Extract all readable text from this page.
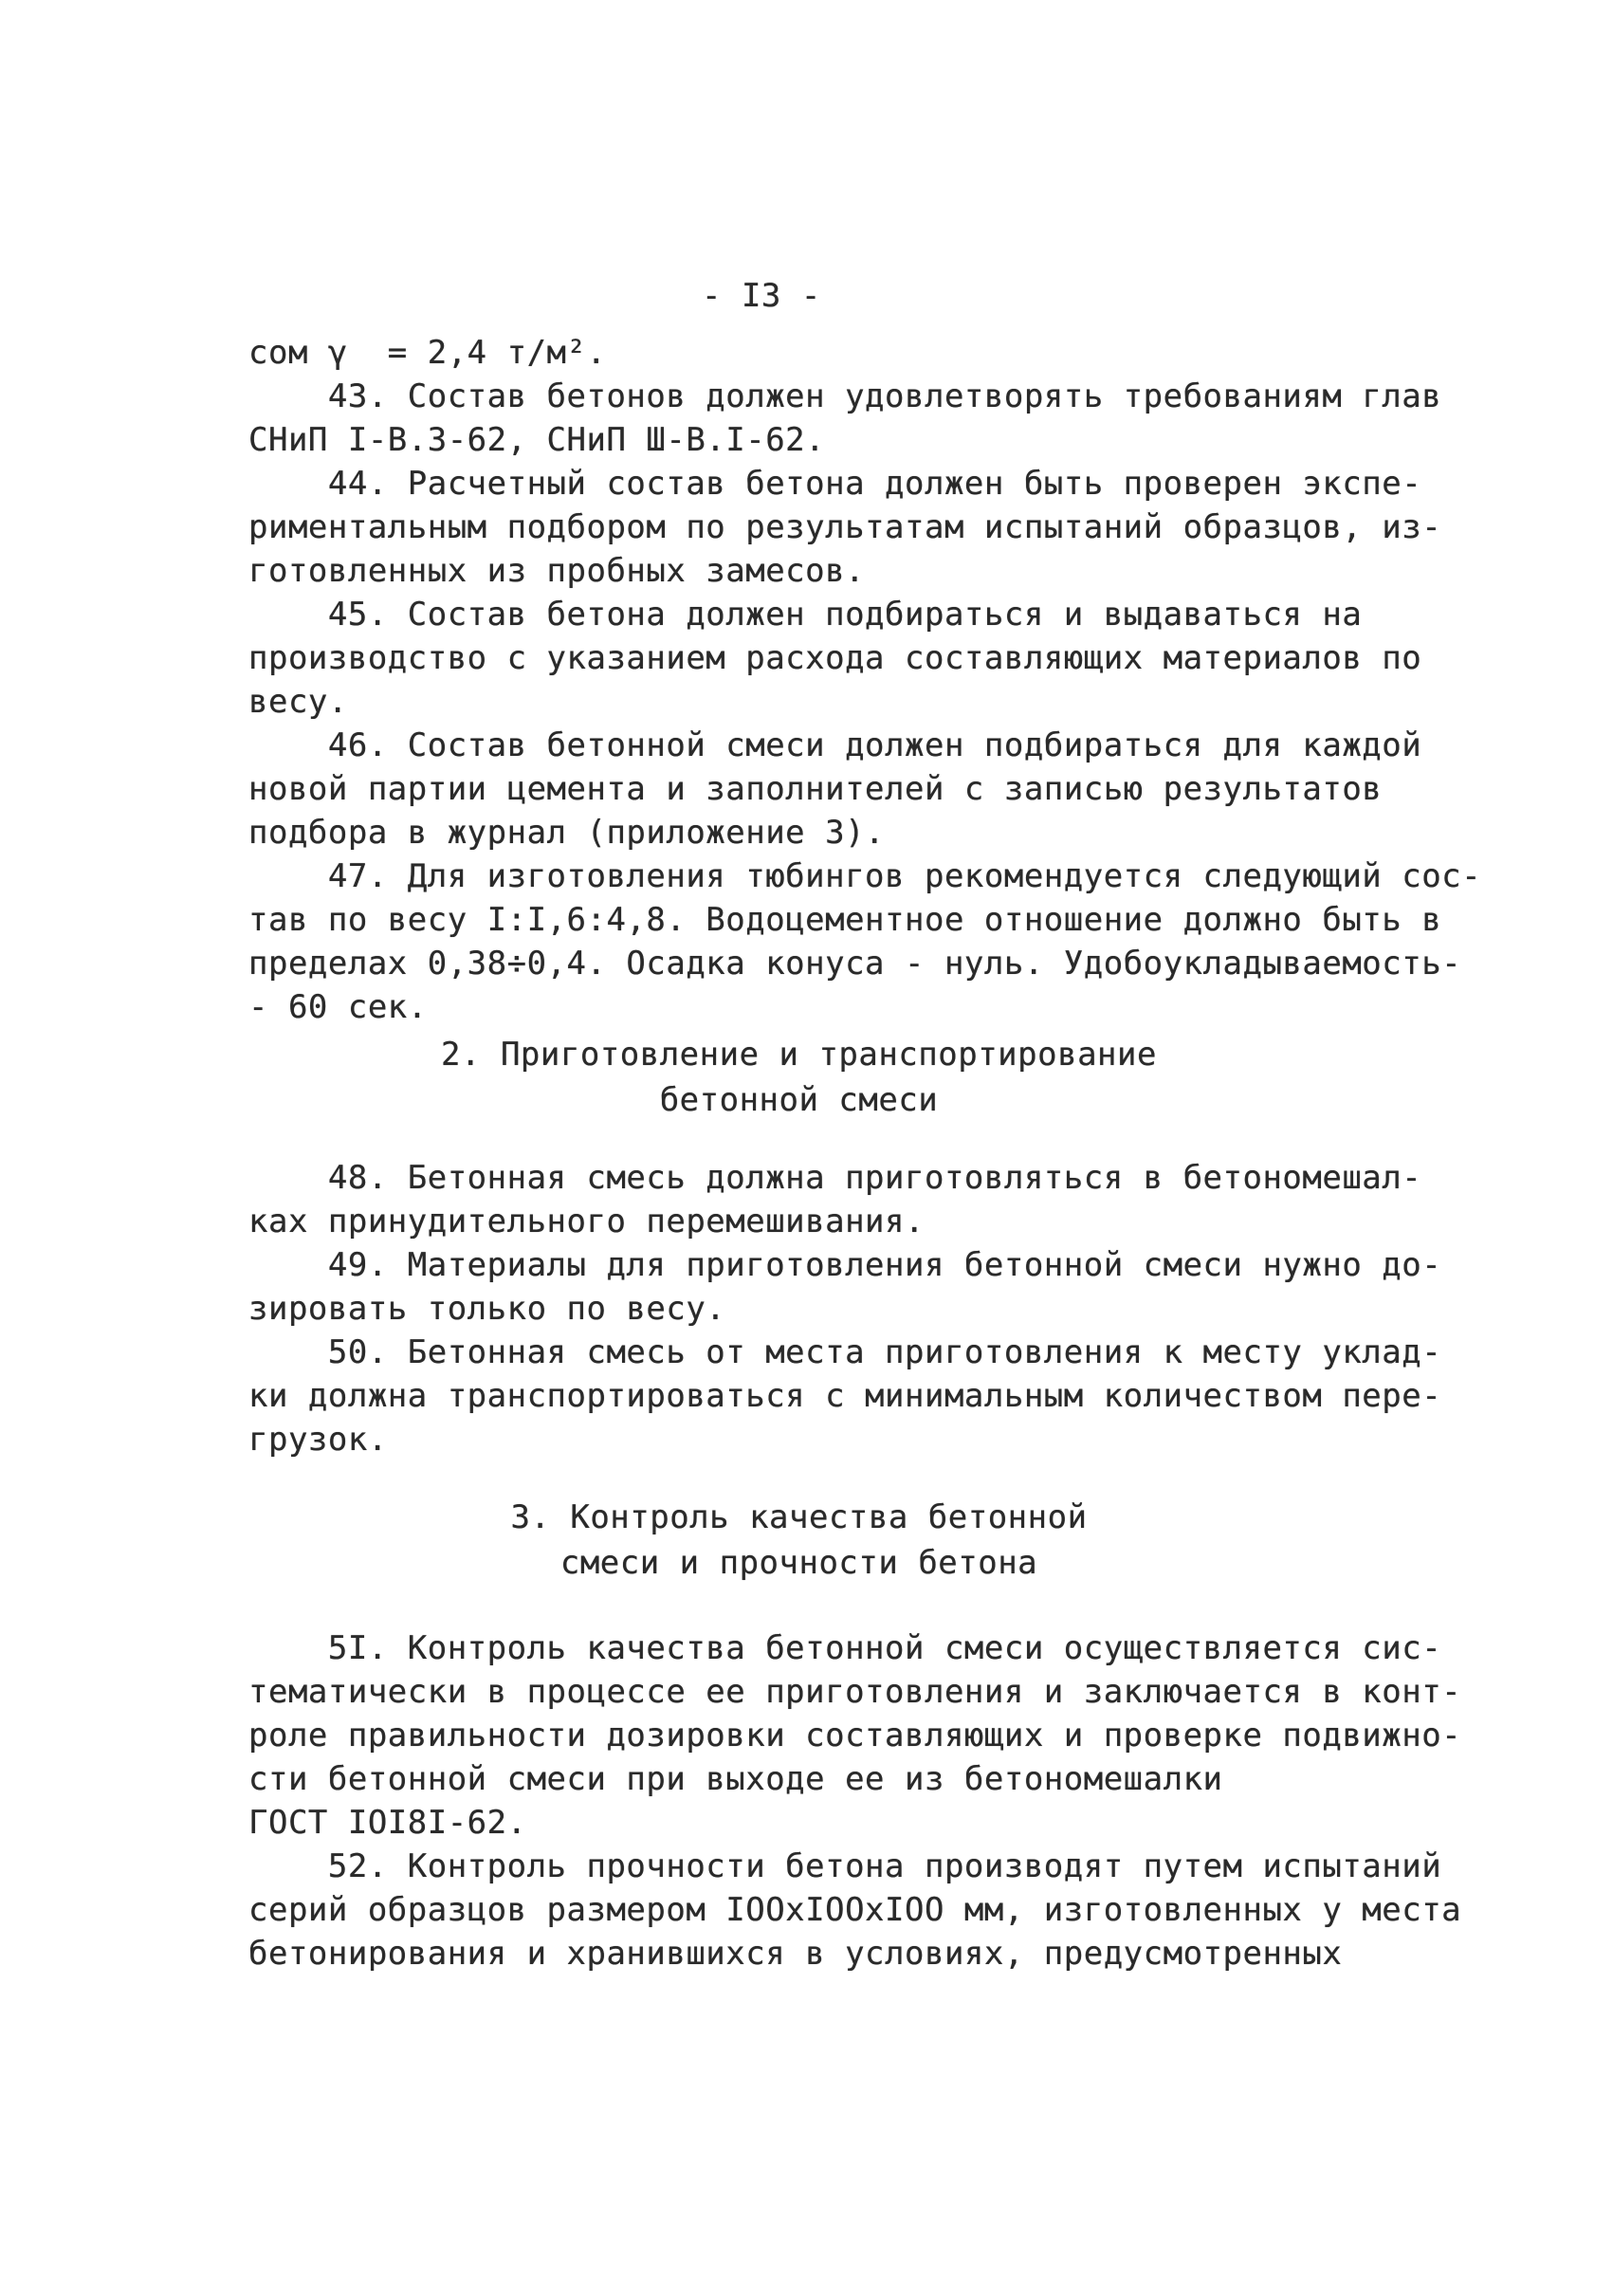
- I3 -
сом γ  = 2,4 т/м².
43. Состав бетонов должен удовлетворять требованиям глав
СНиП I-В.3-62, СНиП Ш-В.I-62.
44. Расчетный состав бетона должен быть проверен экспе-
риментальным подбором по результатам испытаний образцов, из-
готовленных из пробных замесов.
45. Состав бетона должен подбираться и выдаваться на
производство с указанием расхода составляющих материалов по
весу.
46. Состав бетонной смеси должен подбираться для каждой
новой партии цемента и заполнителей с записью результатов
подбора в журнал (приложение 3).
47. Для изготовления тюбингов рекомендуется следующий сос-
тав по весу I:I,6:4,8. Водоцементное отношение должно быть в
пределах 0,38÷0,4. Осадка конуса - нуль. Удобоукладываемость-
- 60 сек.
2. Приготовление и транспортирование
бетонной смеси
48. Бетонная смесь должна приготовляться в бетономешал-
ках принудительного перемешивания.
49. Материалы для приготовления бетонной смеси нужно до-
зировать только по весу.
50. Бетонная смесь от места приготовления к месту уклад-
ки должна транспортироваться с минимальным количеством пере-
грузок.
3. Контроль качества бетонной
смеси и прочности бетона
5I. Контроль качества бетонной смеси осуществляется сис-
тематически в процессе ее приготовления и заключается в конт-
роле правильности дозировки составляющих и проверке подвижно-
сти бетонной смеси при выходе ее из бетономешалки
ГОСТ IOI8I-62.
52. Контроль прочности бетона производят путем испытаний
серий образцов размером IOOxIOOxIOO мм, изготовленных у места
бетонирования и хранившихся в условиях, предусмотренных
